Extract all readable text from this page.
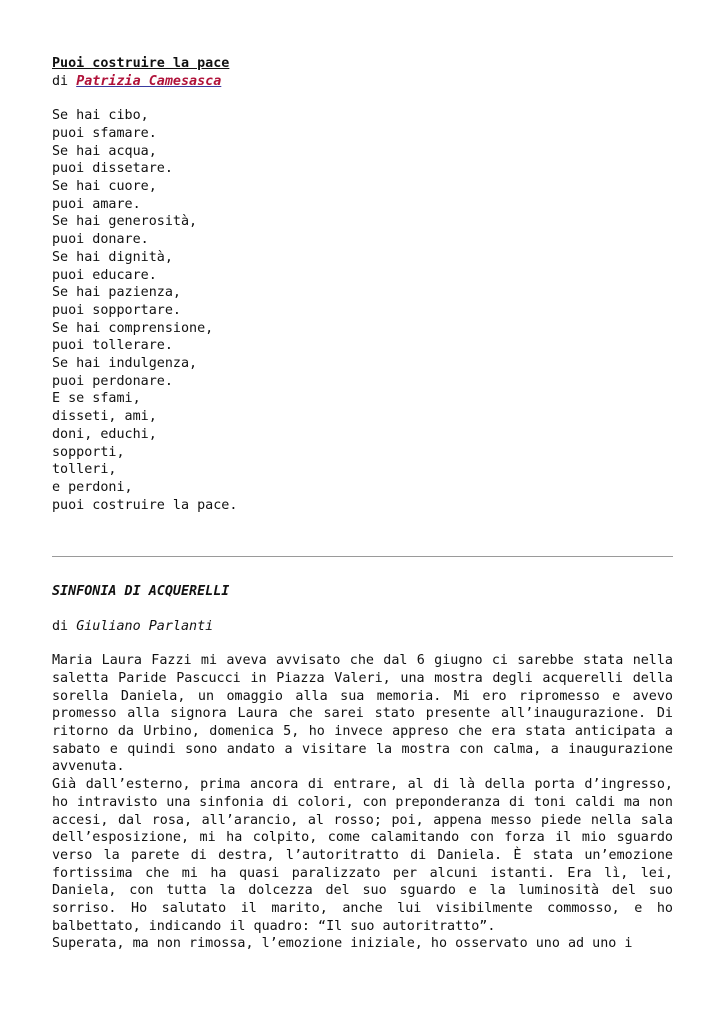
Puoi costruire la pace
di Patrizia Camesasca
Se hai cibo,
puoi sfamare.
Se hai acqua,
puoi dissetare.
Se hai cuore,
puoi amare.
Se hai generosità,
puoi donare.
Se hai dignità,
puoi educare.
Se hai pazienza,
puoi sopportare.
Se hai comprensione,
puoi tollerare.
Se hai indulgenza,
puoi perdonare.
E se sfami,
disseti, ami,
doni, educhi,
sopporti,
tolleri,
e perdoni,
puoi costruire la pace.
SINFONIA DI ACQUERELLI
di Giuliano Parlanti

Maria Laura Fazzi mi aveva avvisato che dal 6 giugno ci sarebbe stata nella saletta Paride Pascucci in Piazza Valeri, una mostra degli acquerelli della sorella Daniela, un omaggio alla sua memoria. Mi ero ripromesso e avevo promesso alla signora Laura che sarei stato presente all’inaugurazione. Di ritorno da Urbino, domenica 5, ho invece appreso che era stata anticipata a sabato e quindi sono andato a visitare la mostra con calma, a inaugurazione avvenuta.

Già dall’esterno, prima ancora di entrare, al di là della porta d’ingresso, ho intravisto una sinfonia di colori, con preponderanza di toni caldi ma non accesi, dal rosa, all’arancio, al rosso; poi, appena messo piede nella sala dell’esposizione, mi ha colpito, come calamitando con forza il mio sguardo verso la parete di destra, l’autoritratto di Daniela. È stata un’emozione fortissima che mi ha quasi paralizzato per alcuni istanti. Era lì, lei, Daniela, con tutta la dolcezza del suo sguardo e la luminosità del suo sorriso. Ho salutato il marito, anche lui visibilmente commosso, e ho balbettato, indicando il quadro: “Il suo autoritratto”.

Superata, ma non rimossa, l’emozione iniziale, ho osservato uno ad uno i
